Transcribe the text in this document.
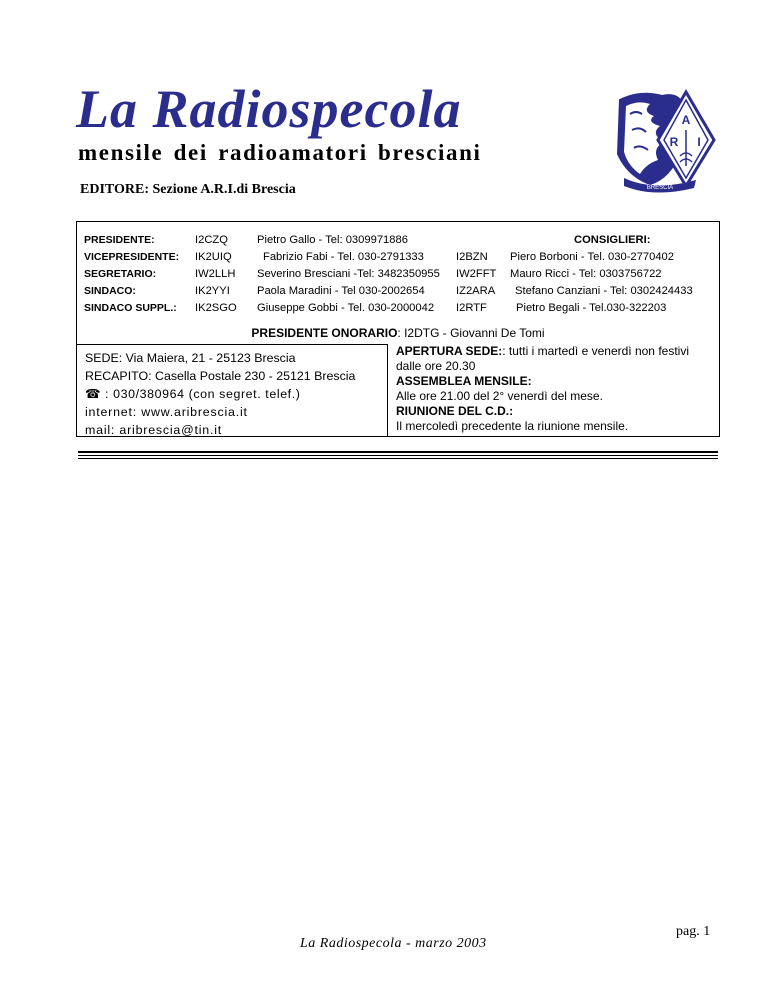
La Radiospecola
mensile dei radioamatori bresciani
EDITORE: Sezione A.R.I.di Brescia
A
R I
BRESCIA
PRESIDENTE:
VICEPRESIDENTE:
SEGRETARIO:
SINDACO:
SINDACO SUPPL.:
I2CZQ
IK2UIQ
IW2LLH
IK2YYI
IK2SGO
Pietro Gallo - Tel: 0309971886
Fabrizio Fabi - Tel. 030-2791333
Severino Bresciani -Tel: 3482350955
Paola Maradini - Tel 030-2002654
Giuseppe Gobbi - Tel. 030-2000042
I2BZN
IW2FFT
IZ2ARA
I2RTF
CONSIGLIERI:
Piero Borboni - Tel. 030-2770402
Mauro Ricci - Tel: 0303756722
Stefano Canziani - Tel: 0302424433
Pietro Begali - Tel.030-322203
PRESIDENTE ONORARIO: I2DTG - Giovanni De Tomi
SEDE: Via Maiera, 21 - 25123 Brescia
RECAPITO: Casella Postale 230 - 25121 Brescia
☎ : 030/380964 (con segret. telef.)
internet: www.aribrescia.it
mail: aribrescia@tin.it
APERTURA SEDE:: tutti i martedì e venerdì non festivi
dalle ore 20.30
ASSEMBLEA MENSILE:
Alle ore 21.00 del 2° venerdì del mese.
RIUNIONE DEL C.D.:
Il mercoledì precedente la riunione mensile.
La Radiospecola - marzo 2003
pag. 1
